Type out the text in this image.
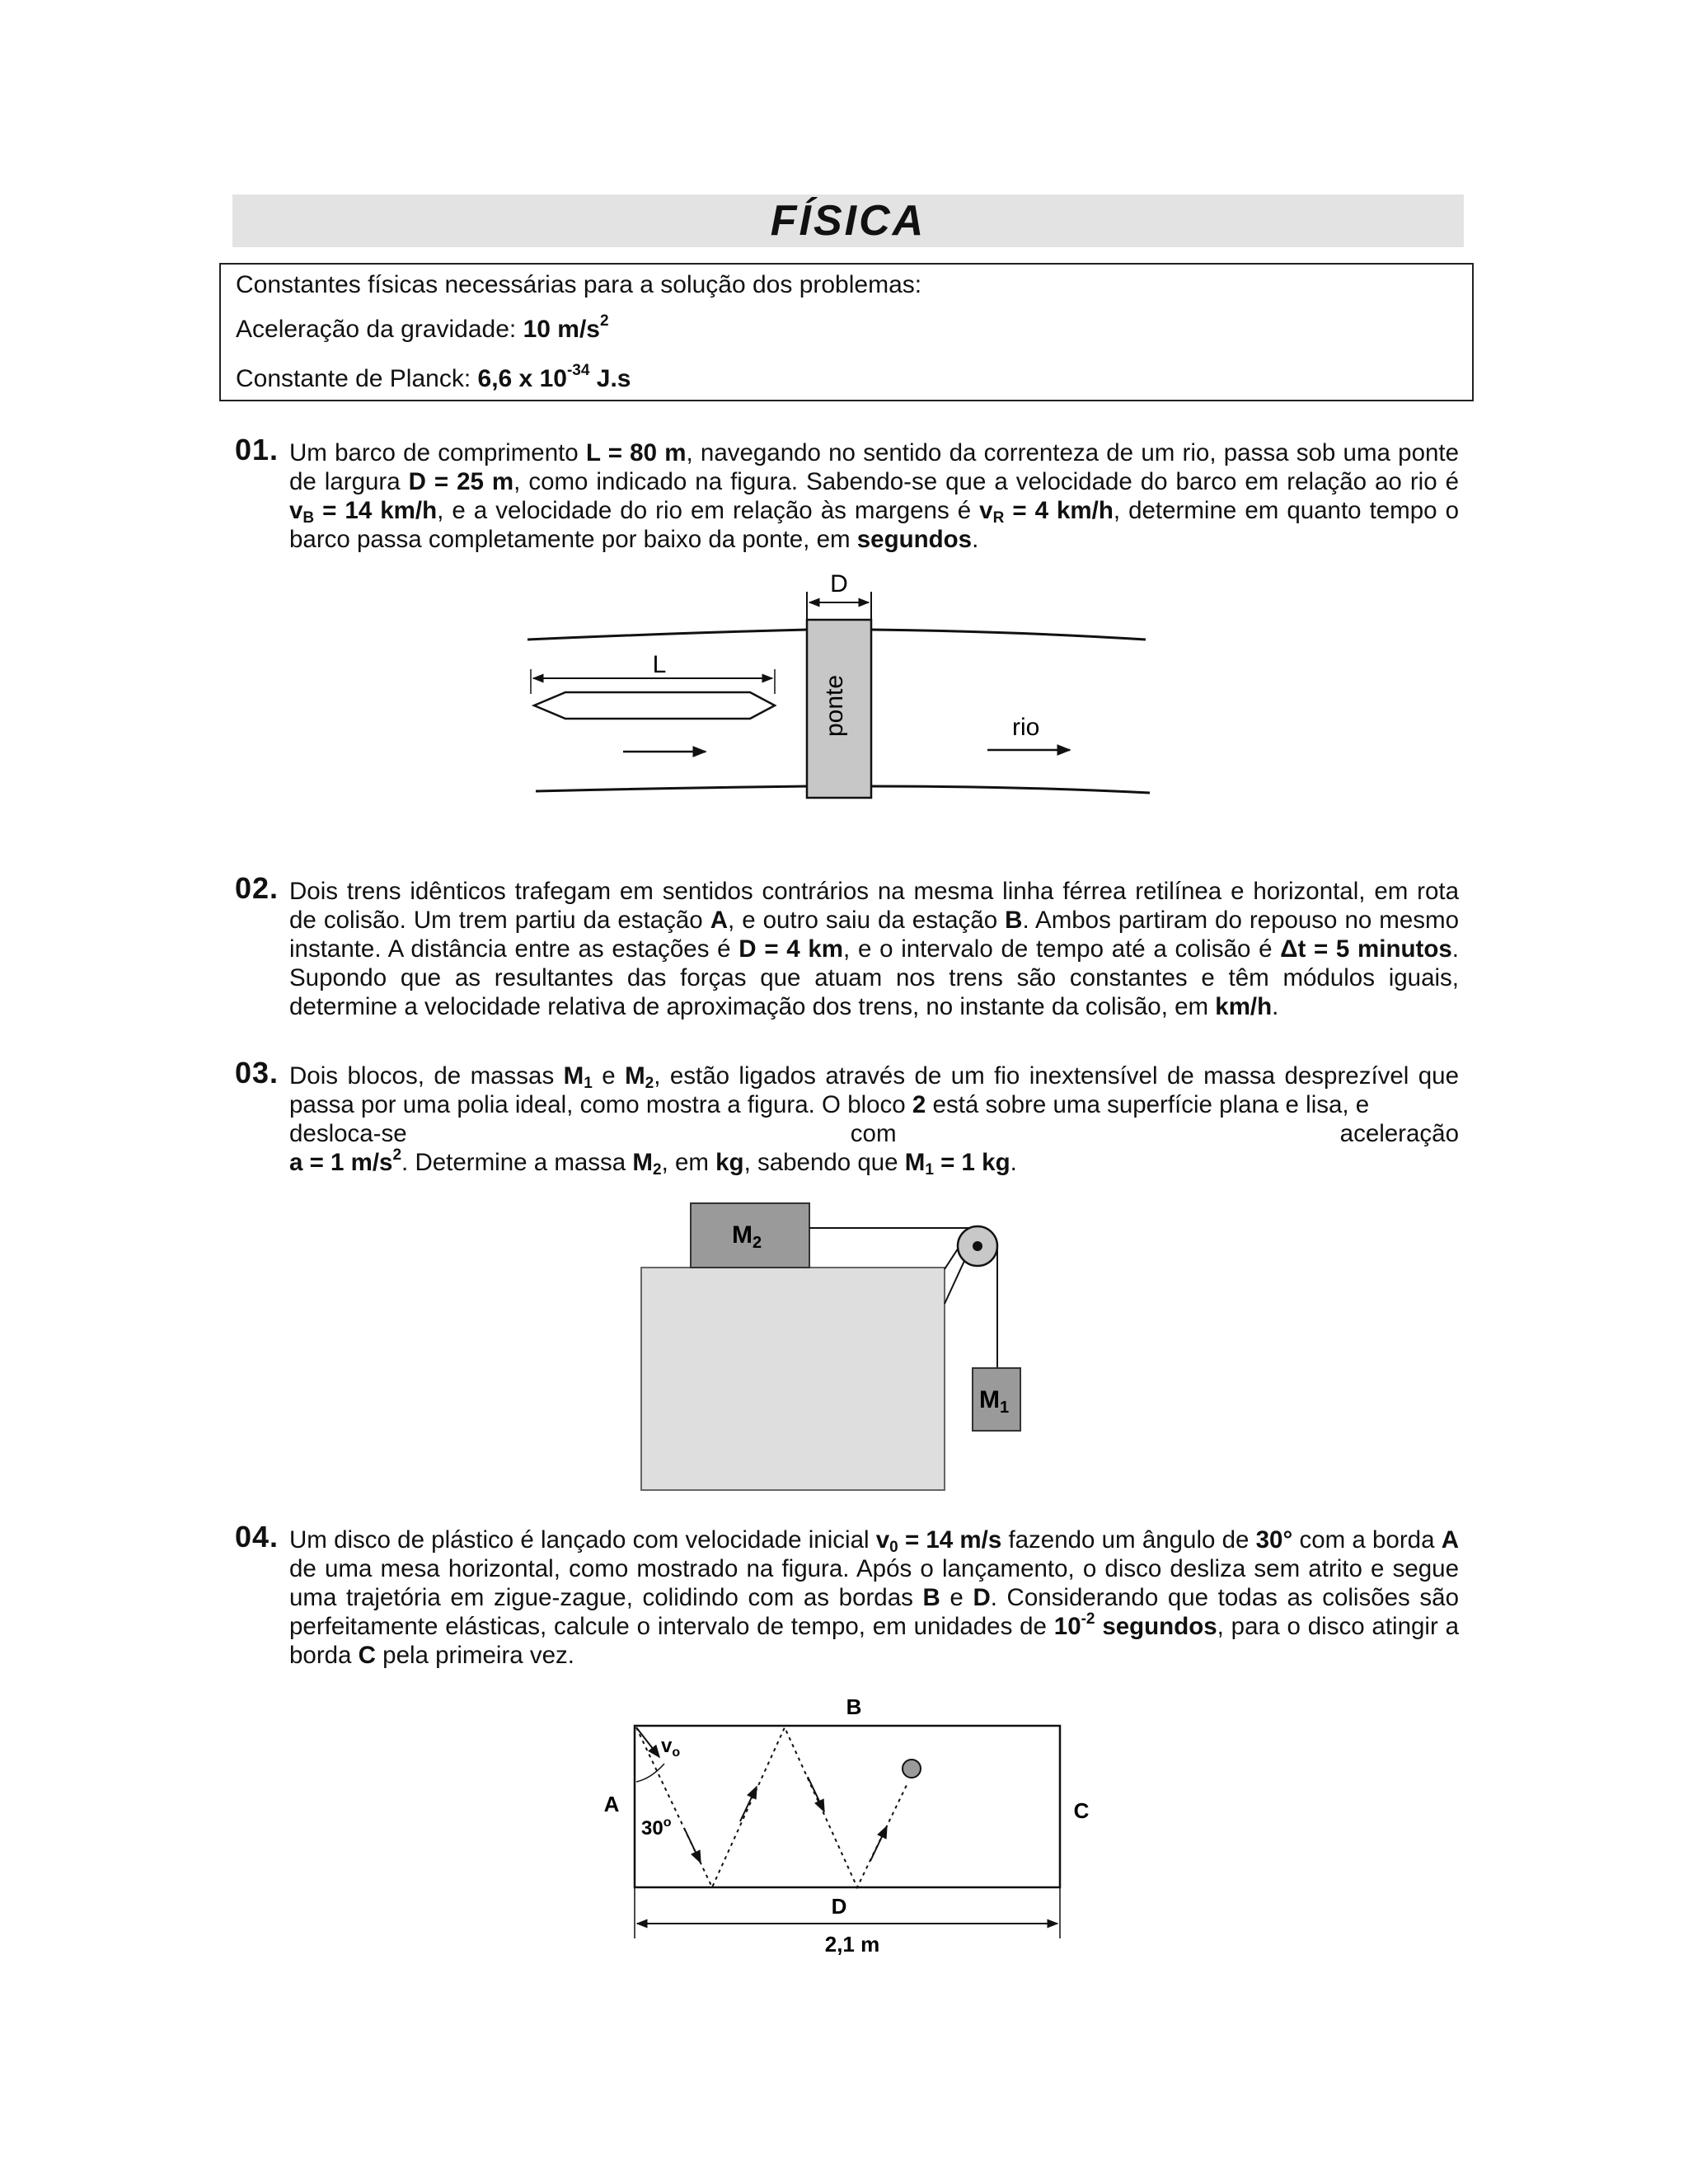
FÍSICA
Constantes físicas necessárias para a solução dos problemas:
Aceleração da gravidade: 10 $m/s^2$
Constante de Planck: 6,6 x $10^{-34}$ J.s
01. Um barco de comprimento L = 80 m, navegando no sentido da correnteza de um rio, passa sob uma ponte de largura D = 25 m, como indicado na figura. Sabendo-se que a velocidade do barco em relação ao rio é $v_B = 14$ km/h, e a velocidade do rio em relação às margens é $v_R = 4$ km/h, determine em quanto tempo o barco passa completamente por baixo da ponte, em segundos.
ponte
D
L
rio
02. Dois trens idênticos trafegam em sentidos contrários na mesma linha férrea retilínea e horizontal, em rota de colisão. Um trem partiu da estação A, e outro saiu da estação B. Ambos partiram do repouso no mesmo instante. A distância entre as estações é D = 4 km, e o intervalo de tempo até a colisão é Δt = 5 minutos. Supondo que as resultantes das forças que atuam nos trens são constantes e têm módulos iguais, determine a velocidade relativa de aproximação dos trens, no instante da colisão, em km/h.
03. Dois blocos, de massas $M_1$ e $M_2$, estão ligados através de um fio inextensível de massa desprezível que passa por uma polia ideal, como mostra a figura. O bloco 2 está sobre uma superfície plana e lisa, e
desloca-se	com	aceleração
a = 1 $m/s^2$. Determine a massa $M_2$, em kg, sabendo que $M_1 = 1$ kg.
$M_2$
$M_1$
04. Um disco de plástico é lançado com velocidade inicial $v_0 = 14$ m/s fazendo um ângulo de 30° com a borda A de uma mesa horizontal, como mostrado na figura. Após o lançamento, o disco desliza sem atrito e segue uma trajetória em zigue-zague, colidindo com as bordas B e D. Considerando que todas as colisões são perfeitamente elásticas, calcule o intervalo de tempo, em unidades de $10^{-2}$ segundos, para o disco atingir a borda C pela primeira vez.
B
A	C
D
$v_o$
30$^o$
2,1 m
